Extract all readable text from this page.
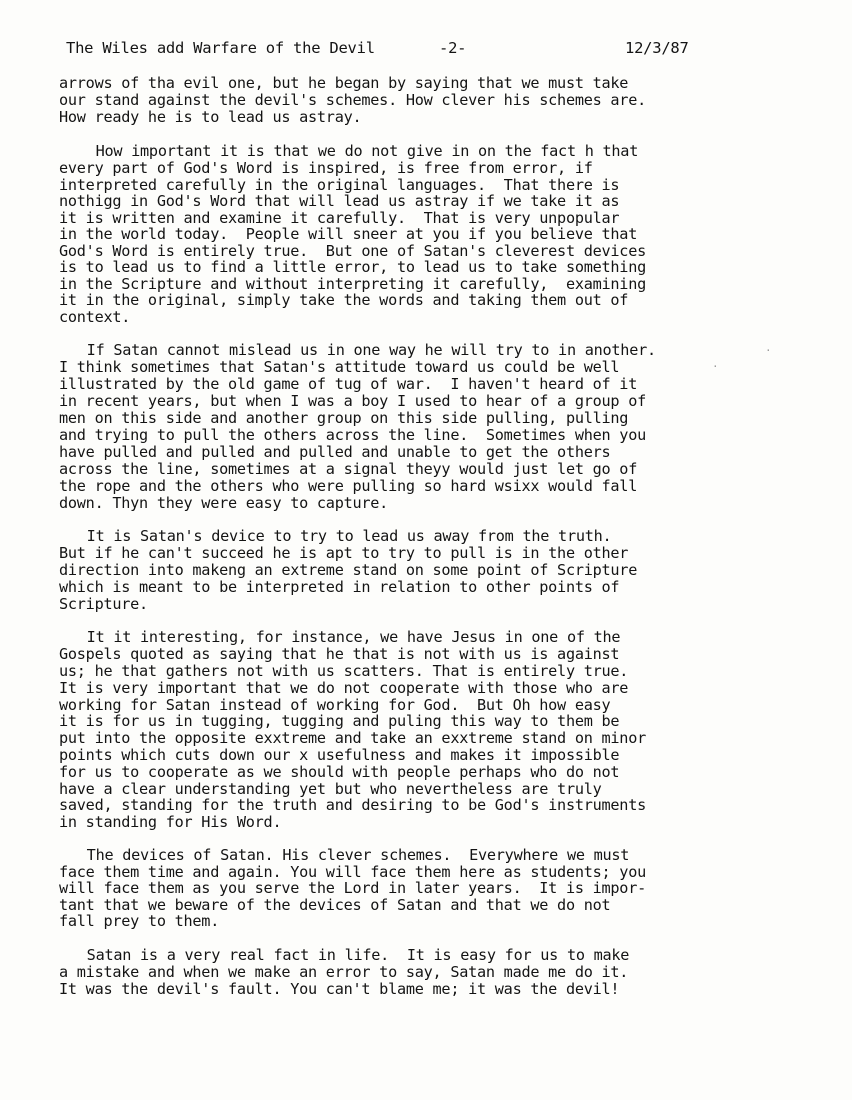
The Wiles add Warfare of the Devil

	-2-

	12/3/87

arrows of tha evil one, but he began by saying that we must take
our stand against the devil's schemes. How clever his schemes are.
How ready he is to lead us astray.
How important it is that we do not give in on the fact h that
every part of God's Word is inspired, is free from error, if
interpreted carefully in the original languages.  That there is
nothigg in God's Word that will lead us astray if we take it as
it is written and examine it carefully.  That is very unpopular
in the world today.  People will sneer at you if you believe that
God's Word is entirely true.  But one of Satan's cleverest devices
is to lead us to find a little error, to lead us to take something
in the Scripture and without interpreting it carefully,  examining
it in the original, simply take the words and taking them out of
context.
If Satan cannot mislead us in one way he will try to in another.
I think sometimes that Satan's attitude toward us could be well
illustrated by the old game of tug of war.  I haven't heard of it
in recent years, but when I was a boy I used to hear of a group of
men on this side and another group on this side pulling, pulling
and trying to pull the others across the line.  Sometimes when you
have pulled and pulled and pulled and unable to get the others
across the line, sometimes at a signal theyy would just let go of
the rope and the others who were pulling so hard wsixx would fall
down. Thyn they were easy to capture.
It is Satan's device to try to lead us away from the truth.
But if he can't succeed he is apt to try to pull is in the other
direction into makeng an extreme stand on some point of Scripture
which is meant to be interpreted in relation to other points of
Scripture.
It it interesting, for instance, we have Jesus in one of the
Gospels quoted as saying that he that is not with us is against
us; he that gathers not with us scatters. That is entirely true.
It is very important that we do not cooperate with those who are
working for Satan instead of working for God.  But Oh how easy
it is for us in tugging, tugging and puling this way to them be
put into the opposite exxtreme and take an exxtreme stand on minor
points which cuts down our x usefulness and makes it impossible
for us to cooperate as we should with people perhaps who do not
have a clear understanding yet but who nevertheless are truly
saved, standing for the truth and desiring to be God's instruments
in standing for His Word.
The devices of Satan. His clever schemes.  Everywhere we must
face them time and again. You will face them here as students; you
will face them as you serve the Lord in later years.  It is impor-
tant that we beware of the devices of Satan and that we do not
fall prey to them.
Satan is a very real fact in life.  It is easy for us to make
a mistake and when we make an error to say, Satan made me do it.
It was the devil's fault. You can't blame me; it was the devil!
·
·
